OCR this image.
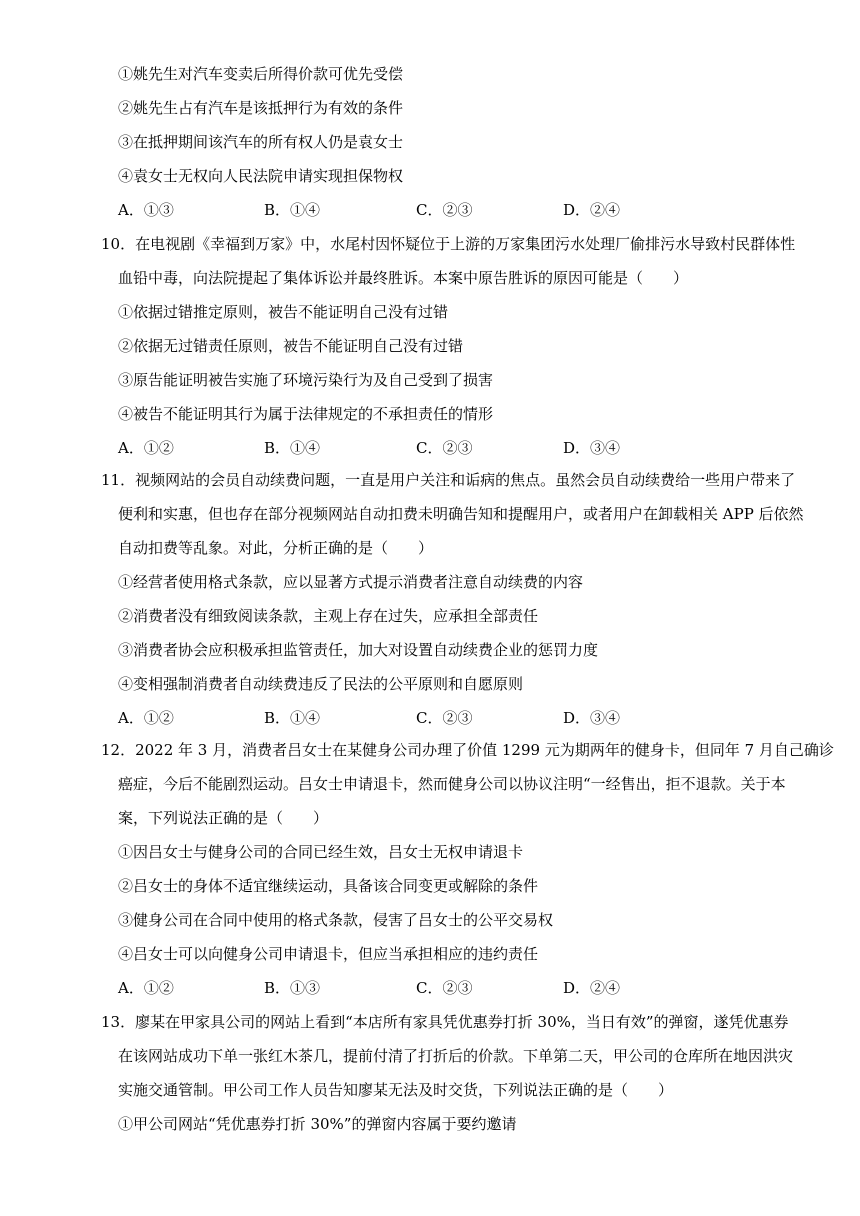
①姚先生对汽车变卖后所得价款可优先受偿
②姚先生占有汽车是该抵押行为有效的条件
③在抵押期间该汽车的所有权人仍是袁女士
④袁女士无权向人民法院申请实现担保物权
A．①③	B．①④	C．②③	D．②④
10．在电视剧《幸福到万家》中，水尾村因怀疑位于上游的万家集团污水处理厂偷排污水导致村民群体性
血铅中毒，向法院提起了集体诉讼并最终胜诉。本案中原告胜诉的原因可能是（　　）
①依据过错推定原则，被告不能证明自己没有过错
②依据无过错责任原则，被告不能证明自己没有过错
③原告能证明被告实施了环境污染行为及自己受到了损害
④被告不能证明其行为属于法律规定的不承担责任的情形
A．①②	B．①④	C．②③	D．③④
11．视频网站的会员自动续费问题，一直是用户关注和诟病的焦点。虽然会员自动续费给一些用户带来了
便利和实惠，但也存在部分视频网站自动扣费未明确告知和提醒用户，或者用户在卸载相关 APP 后依然
自动扣费等乱象。对此，分析正确的是（　　）
①经营者使用格式条款，应以显著方式提示消费者注意自动续费的内容
②消费者没有细致阅读条款，主观上存在过失，应承担全部责任
③消费者协会应积极承担监管责任，加大对设置自动续费企业的惩罚力度
④变相强制消费者自动续费违反了民法的公平原则和自愿原则
A．①②	B．①④	C．②③	D．③④
12．2022 年 3 月，消费者吕女士在某健身公司办理了价值 1299 元为期两年的健身卡，但同年 7 月自己确诊
癌症，今后不能剧烈运动。吕女士申请退卡，然而健身公司以协议注明“一经售出，拒不退款。关于本
案，下列说法正确的是（　　）
①因吕女士与健身公司的合同已经生效，吕女士无权申请退卡
②吕女士的身体不适宜继续运动，具备该合同变更或解除的条件
③健身公司在合同中使用的格式条款，侵害了吕女士的公平交易权
④吕女士可以向健身公司申请退卡，但应当承担相应的违约责任
A．①②	B．①③	C．②③	D．②④
13．廖某在甲家具公司的网站上看到“本店所有家具凭优惠券打折 30%，当日有效”的弹窗，遂凭优惠券
在该网站成功下单一张红木茶几，提前付清了打折后的价款。下单第二天，甲公司的仓库所在地因洪灾
实施交通管制。甲公司工作人员告知廖某无法及时交货，下列说法正确的是（　　）
①甲公司网站“凭优惠券打折 30%”的弹窗内容属于要约邀请
